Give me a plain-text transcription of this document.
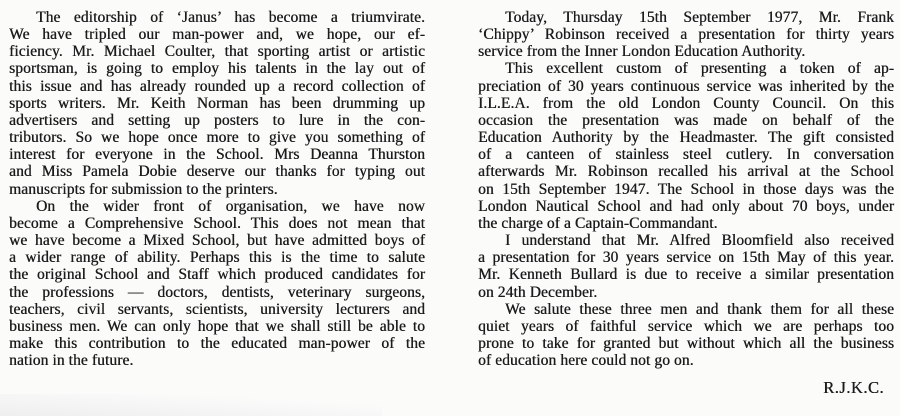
The editorship of ‘Janus’ has become a triumvirate.
We have tripled our man-power and, we hope, our ef-
ficiency. Mr. Michael Coulter, that sporting artist or artistic
sportsman, is going to employ his talents in the lay out of
this issue and has already rounded up a record collection of
sports writers. Mr. Keith Norman has been drumming up
advertisers and setting up posters to lure in the con-
tributors. So we hope once more to give you something of
interest for everyone in the School. Mrs Deanna Thurston
and Miss Pamela Dobie deserve our thanks for typing out
manuscripts for submission to the printers.
On the wider front of organisation, we have now
become a Comprehensive School. This does not mean that
we have become a Mixed School, but have admitted boys of
a wider range of ability. Perhaps this is the time to salute
the original School and Staff which produced candidates for
the professions — doctors, dentists, veterinary surgeons,
teachers, civil servants, scientists, university lecturers and
business men. We can only hope that we shall still be able to
make this contribution to the educated man-power of the
nation in the future.
Today, Thursday 15th September 1977, Mr. Frank
‘Chippy’ Robinson received a presentation for thirty years
service from the Inner London Education Authority.
This excellent custom of presenting a token of ap-
preciation of 30 years continuous service was inherited by the
I.L.E.A. from the old London County Council. On this
occasion the presentation was made on behalf of the
Education Authority by the Headmaster. The gift consisted
of a canteen of stainless steel cutlery. In conversation
afterwards Mr. Robinson recalled his arrival at the School
on 15th September 1947. The School in those days was the
London Nautical School and had only about 70 boys, under
the charge of a Captain-Commandant.
I understand that Mr. Alfred Bloomfield also received
a presentation for 30 years service on 15th May of this year.
Mr. Kenneth Bullard is due to receive a similar presentation
on 24th December.
We salute these three men and thank them for all these
quiet years of faithful service which we are perhaps too
prone to take for granted but without which all the business
of education here could not go on.
R.J.K.C.
